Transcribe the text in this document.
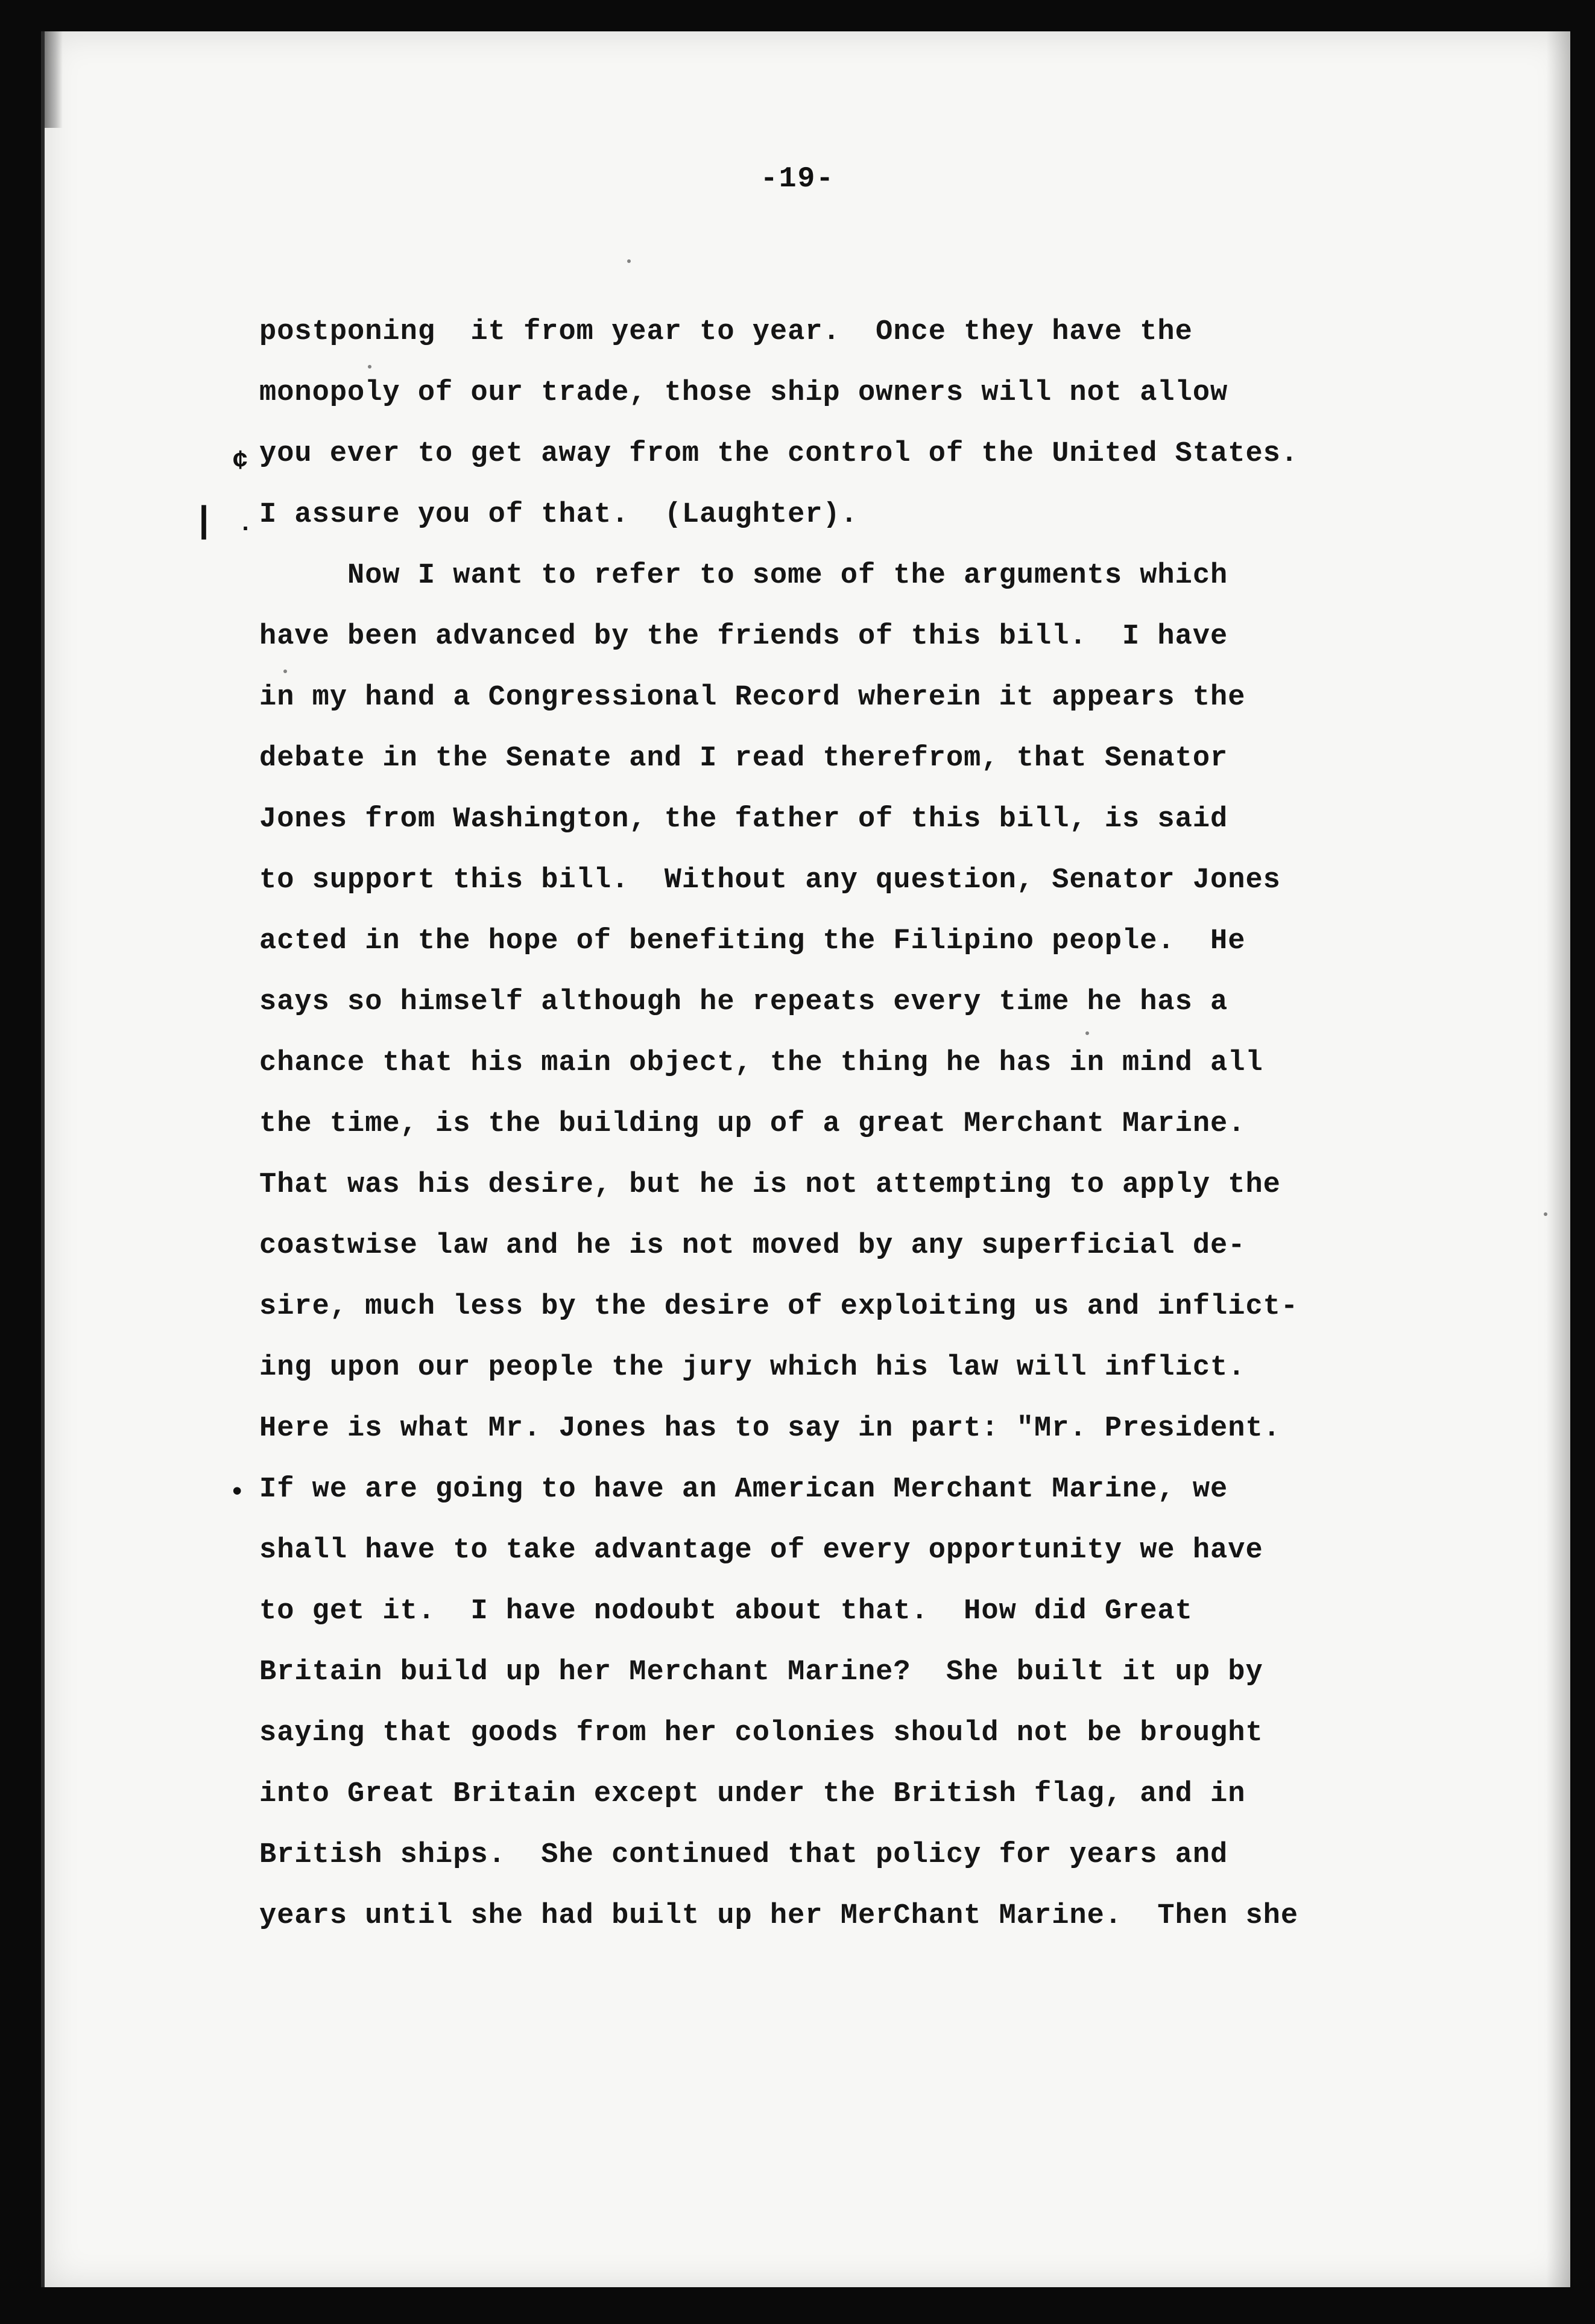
-19-
¢
| ·
•
postponing  it from year to year.  Once they have the
monopoly of our trade, those ship owners will not allow
you ever to get away from the control of the United States.
I assure you of that.  (Laughter).
Now I want to refer to some of the arguments which
have been advanced by the friends of this bill.  I have
in my hand a Congressional Record wherein it appears the
debate in the Senate and I read therefrom, that Senator
Jones from Washington, the father of this bill, is said
to support this bill.  Without any question, Senator Jones
acted in the hope of benefiting the Filipino people.  He
says so himself although he repeats every time he has a
chance that his main object, the thing he has in mind all
the time, is the building up of a great Merchant Marine.
That was his desire, but he is not attempting to apply the
coastwise law and he is not moved by any superficial de-
sire, much less by the desire of exploiting us and inflict-
ing upon our people the jury which his law will inflict.
Here is what Mr. Jones has to say in part: "Mr. President.
If we are going to have an American Merchant Marine, we
shall have to take advantage of every opportunity we have
to get it.  I have nodoubt about that.  How did Great
Britain build up her Merchant Marine?  She built it up by
saying that goods from her colonies should not be brought
into Great Britain except under the British flag, and in
British ships.  She continued that policy for years and
years until she had built up her MerChant Marine.  Then she
